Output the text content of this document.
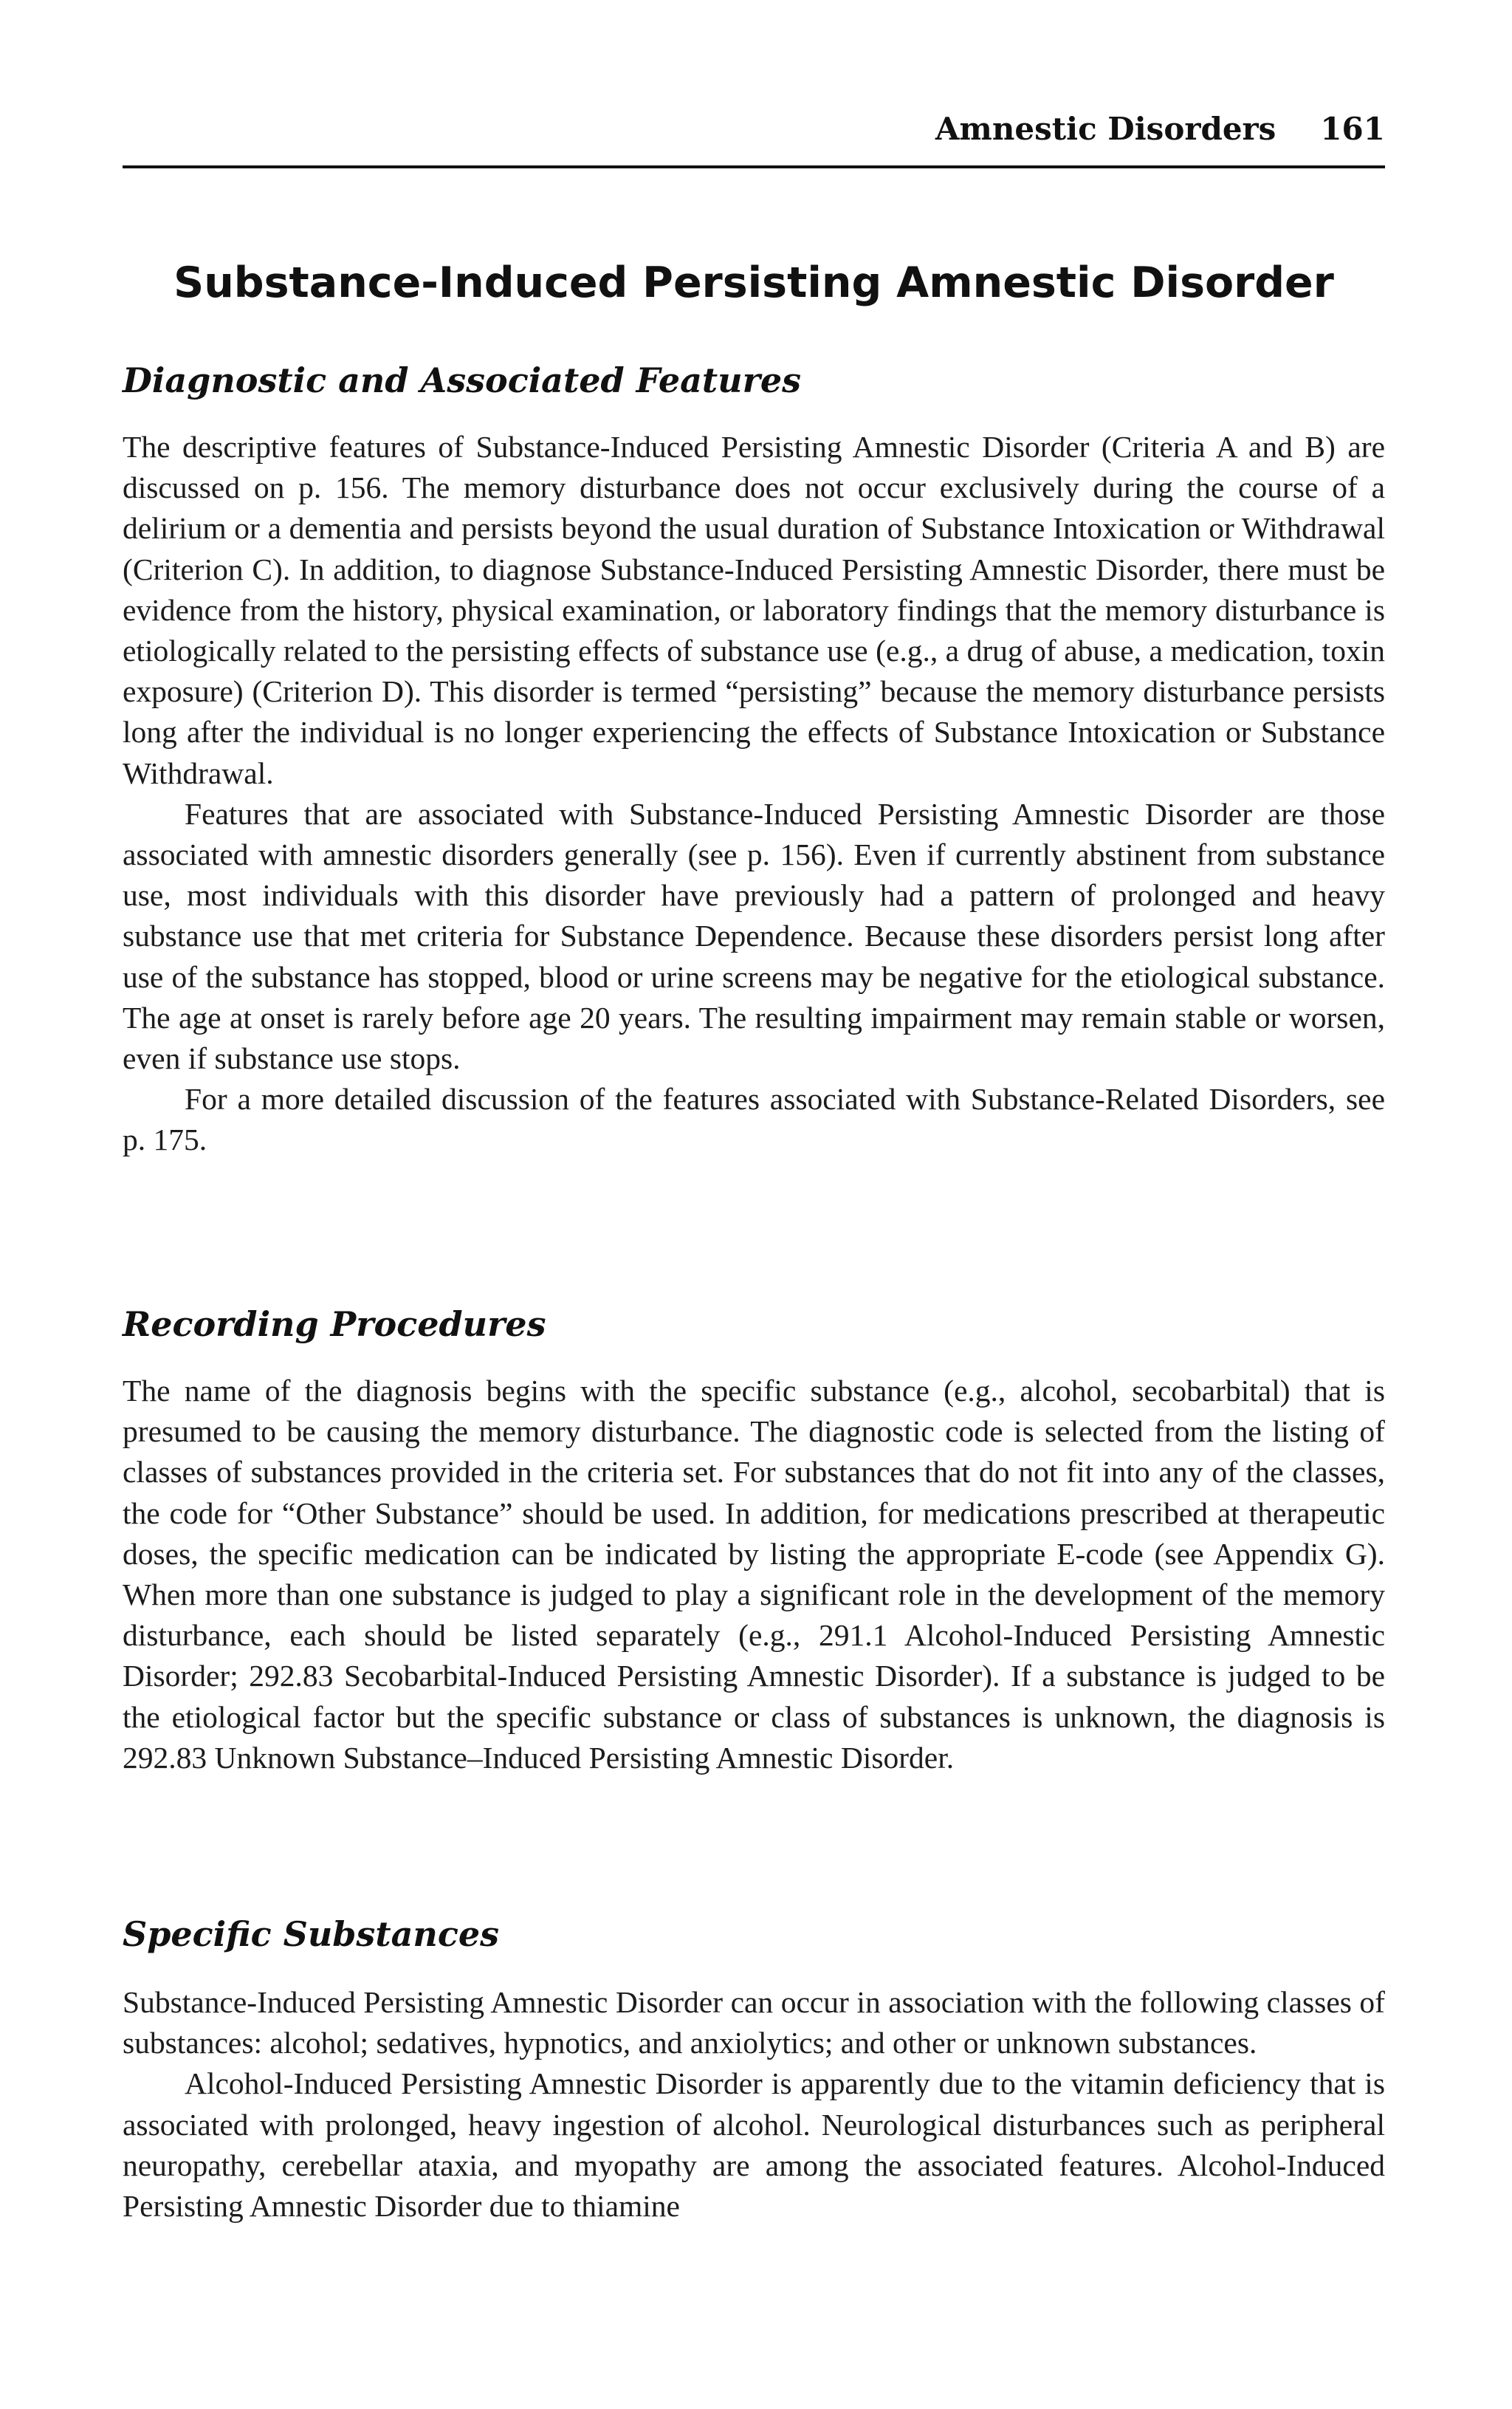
Amnestic Disorders 161
Substance-Induced Persisting Amnestic Disorder
Diagnostic and Associated Features

The descriptive features of Substance-Induced Persisting Amnestic Disorder (Criteria A and B) are discussed on p. 156. The memory disturbance does not occur exclusively during the course of a delirium or a dementia and persists beyond the usual duration of Substance Intoxication or Withdrawal (Criterion C). In addition, to diagnose Substance-Induced Persisting Amnestic Disorder, there must be evidence from the history, physical examination, or laboratory findings that the memory disturbance is etiologically related to the persisting effects of substance use (e.g., a drug of abuse, a medication, toxin exposure) (Criterion D). This disorder is termed “persisting” because the memory disturbance persists long after the individual is no longer experiencing the effects of Substance Intoxication or Substance Withdrawal.

Features that are associated with Substance-Induced Persisting Amnestic Disorder are those associated with amnestic disorders generally (see p. 156). Even if currently abstinent from substance use, most individuals with this disorder have previously had a pattern of prolonged and heavy substance use that met criteria for Substance Dependence. Because these disorders persist long after use of the substance has stopped, blood or urine screens may be negative for the etiological substance. The age at onset is rarely before age 20 years. The resulting impairment may remain stable or worsen, even if substance use stops.

For a more detailed discussion of the features associated with Substance-Related Disorders, see p. 175.

Recording Procedures

The name of the diagnosis begins with the specific substance (e.g., alcohol, secobarbital) that is presumed to be causing the memory disturbance. The diagnostic code is selected from the listing of classes of substances provided in the criteria set. For substances that do not fit into any of the classes, the code for “Other Substance” should be used. In addition, for medications prescribed at therapeutic doses, the specific medication can be indicated by listing the appropriate E-code (see Appendix G). When more than one substance is judged to play a significant role in the development of the memory disturbance, each should be listed separately (e.g., 291.1 Alcohol-Induced Persisting Amnestic Disorder; 292.83 Secobarbital-Induced Persisting Amnestic Disorder). If a substance is judged to be the etiological factor but the specific substance or class of substances is unknown, the diagnosis is 292.83 Unknown Substance–Induced Persisting Amnestic Disorder.

Specific Substances

Substance-Induced Persisting Amnestic Disorder can occur in association with the following classes of substances: alcohol; sedatives, hypnotics, and anxiolytics; and other or unknown substances.

Alcohol-Induced Persisting Amnestic Disorder is apparently due to the vitamin deficiency that is associated with prolonged, heavy ingestion of alcohol. Neurological disturbances such as peripheral neuropathy, cerebellar ataxia, and myopathy are among the associated features. Alcohol-Induced Persisting Amnestic Disorder due to thiamine
